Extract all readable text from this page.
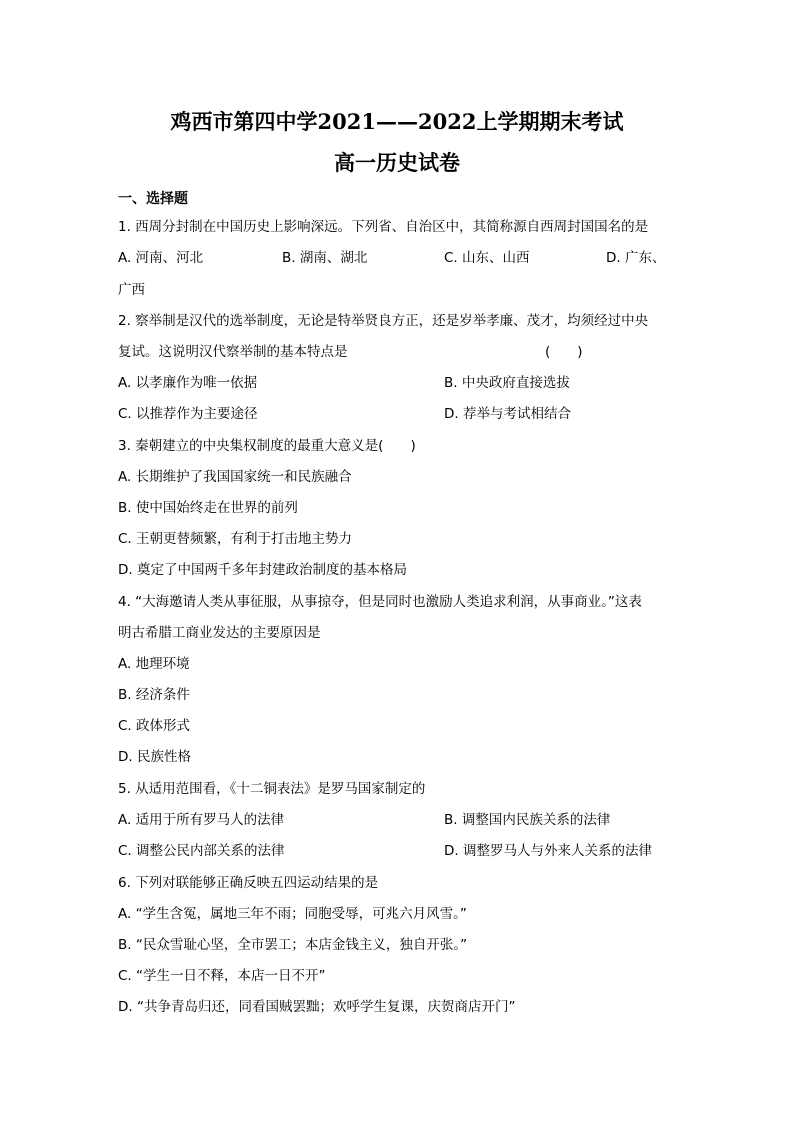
鸡西市第四中学2021——2022上学期期末考试
高一历史试卷
一、选择题
1. 西周分封制在中国历史上影响深远。下列省、自治区中，其简称源自西周封国国名的是
A. 河南、河北	B. 湖南、湖北	C. 山东、山西	D. 广东、
广西
2. 察举制是汉代的选举制度，无论是特举贤良方正，还是岁举孝廉、茂才，均须经过中央
复试。这说明汉代察举制的基本特点是	(　　)
A. 以孝廉作为唯一依据	B. 中央政府直接选拔
C. 以推荐作为主要途径	D. 荐举与考试相结合
3. 秦朝建立的中央集权制度的最重大意义是(　　)
A. 长期维护了我国国家统一和民族融合
B. 使中国始终走在世界的前列
C. 王朝更替频繁，有利于打击地主势力
D. 奠定了中国两千多年封建政治制度的基本格局
4. “大海邀请人类从事征服，从事掠夺，但是同时也激励人类追求利润，从事商业。”这表
明古希腊工商业发达的主要原因是
A. 地理环境
B. 经济条件
C. 政体形式
D. 民族性格
5. 从适用范围看，《十二铜表法》是罗马国家制定的
A. 适用于所有罗马人的法律	B. 调整国内民族关系的法律
C. 调整公民内部关系的法律	D. 调整罗马人与外来人关系的法律
6. 下列对联能够正确反映五四运动结果的是
A. “学生含冤，属地三年不雨；同胞受辱，可兆六月风雪。”
B. “民众雪耻心坚，全市罢工；本店金钱主义，独自开张。”
C. “学生一日不释，本店一日不开”
D. “共争青岛归还，同看国贼罢黜；欢呼学生复课，庆贺商店开门”
